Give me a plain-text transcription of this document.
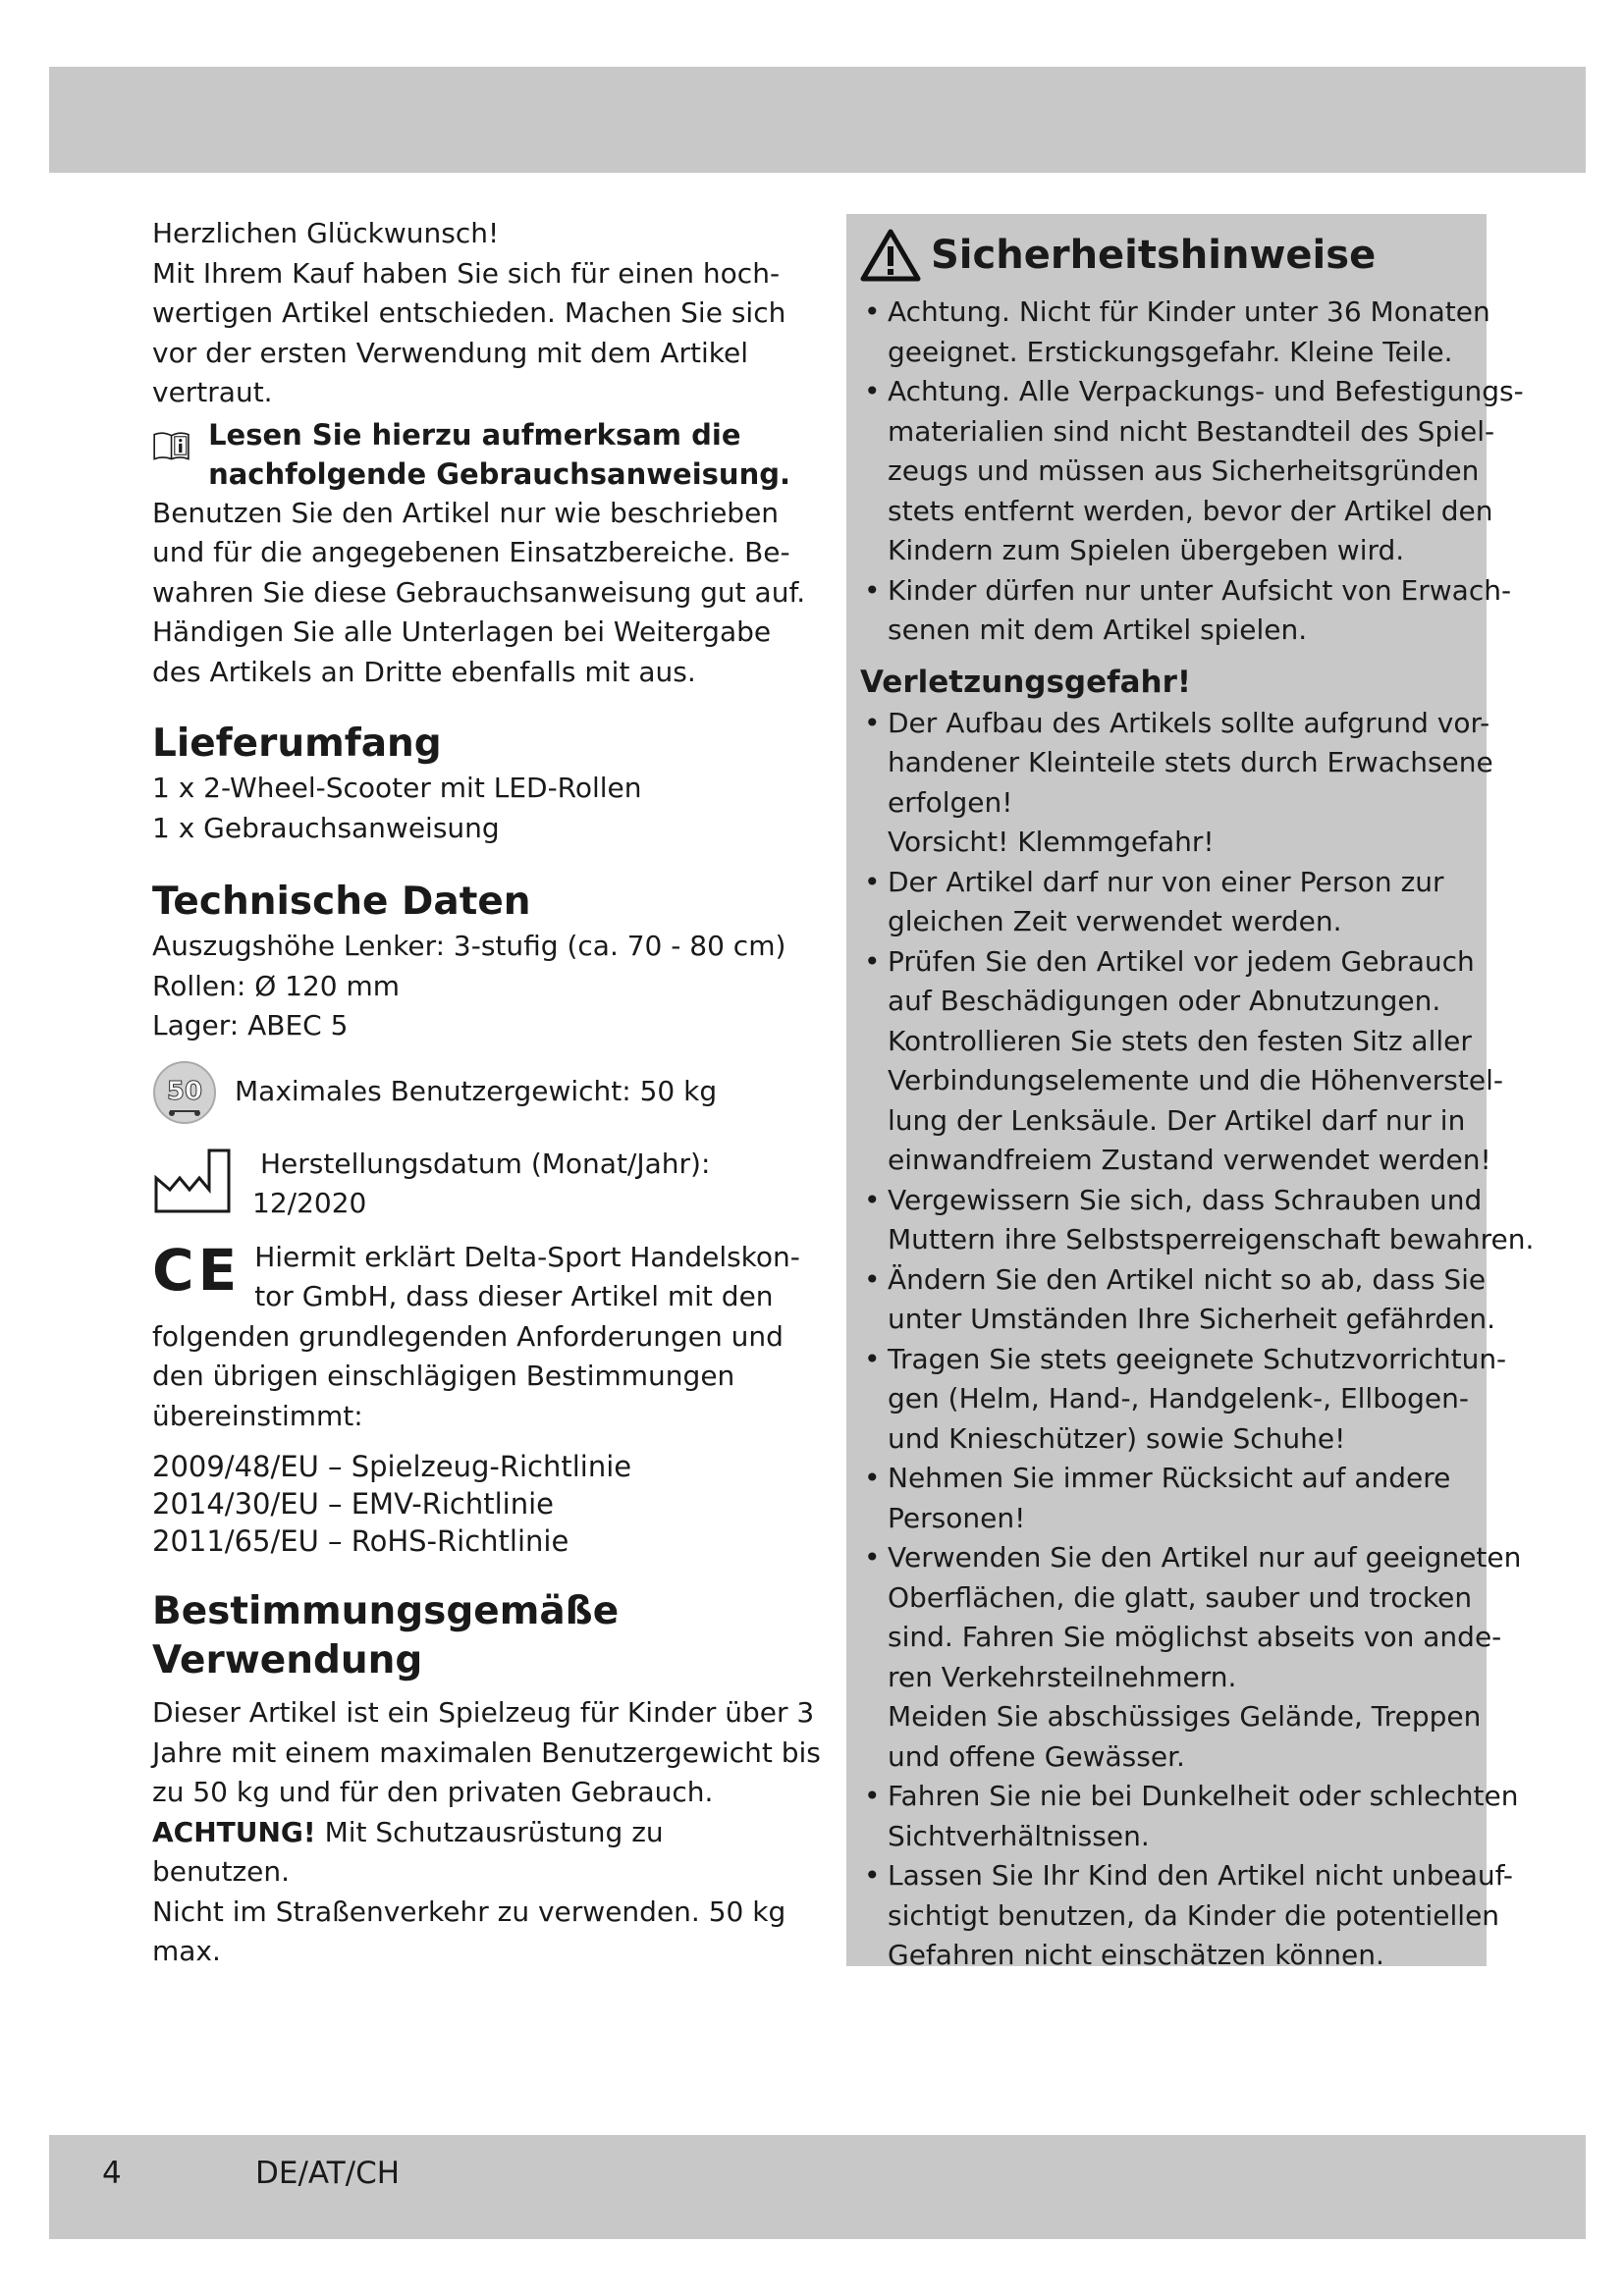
Herzlichen Glückwunsch!
Mit Ihrem Kauf haben Sie sich für einen hoch-
wertigen Artikel entschieden. Machen Sie sich
vor der ersten Verwendung mit dem Artikel
vertraut.

Lesen Sie hierzu aufmerksam die
nachfolgende Gebrauchsanweisung.

Benutzen Sie den Artikel nur wie beschrieben
und für die angegebenen Einsatzbereiche. Be-
wahren Sie diese Gebrauchsanweisung gut auf.
Händigen Sie alle Unterlagen bei Weitergabe
des Artikels an Dritte ebenfalls mit aus.

Lieferumfang

1 x 2-Wheel-Scooter mit LED-Rollen
1 x Gebrauchsanweisung

Technische Daten

Auszugshöhe Lenker: 3-stufig (ca. 70 - 80 cm)
Rollen: Ø 120 mm
Lager: ABEC 5

50 Maximales Benutzergewicht: 50 kg
Herstellungsdatum (Monat/Jahr):
12/2020
CE Hiermit erklärt Delta-Sport Handelskon-
tor GmbH, dass dieser Artikel mit den

folgenden grundlegenden Anforderungen und
den übrigen einschlägigen Bestimmungen
übereinstimmt:

2009/48/EU – Spielzeug-Richtlinie
2014/30/EU – EMV-Richtlinie
2011/65/EU – RoHS-Richtlinie

Bestimmungsgemäße
Verwendung

Dieser Artikel ist ein Spielzeug für Kinder über 3
Jahre mit einem maximalen Benutzergewicht bis
zu 50 kg und für den privaten Gebrauch.

ACHTUNG! Mit Schutzausrüstung zu benutzen.

Nicht im Straßenverkehr zu verwenden. 50 kg
max.

Sicherheitshinweise
• Achtung. Nicht für Kinder unter 36 Monaten
geeignet. Erstickungsgefahr. Kleine Teile.
• Achtung. Alle Verpackungs- und Befestigungs-
materialien sind nicht Bestandteil des Spiel-
zeugs und müssen aus Sicherheitsgründen
stets entfernt werden, bevor der Artikel den
Kindern zum Spielen übergeben wird.
• Kinder dürfen nur unter Aufsicht von Erwach-
senen mit dem Artikel spielen.
Verletzungsgefahr!
• Der Aufbau des Artikels sollte aufgrund vor-
handener Kleinteile stets durch Erwachsene
erfolgen!
Vorsicht! Klemmgefahr!
• Der Artikel darf nur von einer Person zur
gleichen Zeit verwendet werden.
• Prüfen Sie den Artikel vor jedem Gebrauch
auf Beschädigungen oder Abnutzungen.
Kontrollieren Sie stets den festen Sitz aller
Verbindungselemente und die Höhenverstel-
lung der Lenksäule. Der Artikel darf nur in
einwandfreiem Zustand verwendet werden!
• Vergewissern Sie sich, dass Schrauben und
Muttern ihre Selbstsperreigenschaft bewahren.
• Ändern Sie den Artikel nicht so ab, dass Sie
unter Umständen Ihre Sicherheit gefährden.
• Tragen Sie stets geeignete Schutzvorrichtun-
gen (Helm, Hand-, Handgelenk-, Ellbogen-
und Knieschützer) sowie Schuhe!
• Nehmen Sie immer Rücksicht auf andere
Personen!
• Verwenden Sie den Artikel nur auf geeigneten
Oberflächen, die glatt, sauber und trocken
sind. Fahren Sie möglichst abseits von ande-
ren Verkehrsteilnehmern.
Meiden Sie abschüssiges Gelände, Treppen
und offene Gewässer.
• Fahren Sie nie bei Dunkelheit oder schlechten
Sichtverhältnissen.
• Lassen Sie Ihr Kind den Artikel nicht unbeauf-
sichtigt benutzen, da Kinder die potentiellen
Gefahren nicht einschätzen können.
4	DE/AT/CH
